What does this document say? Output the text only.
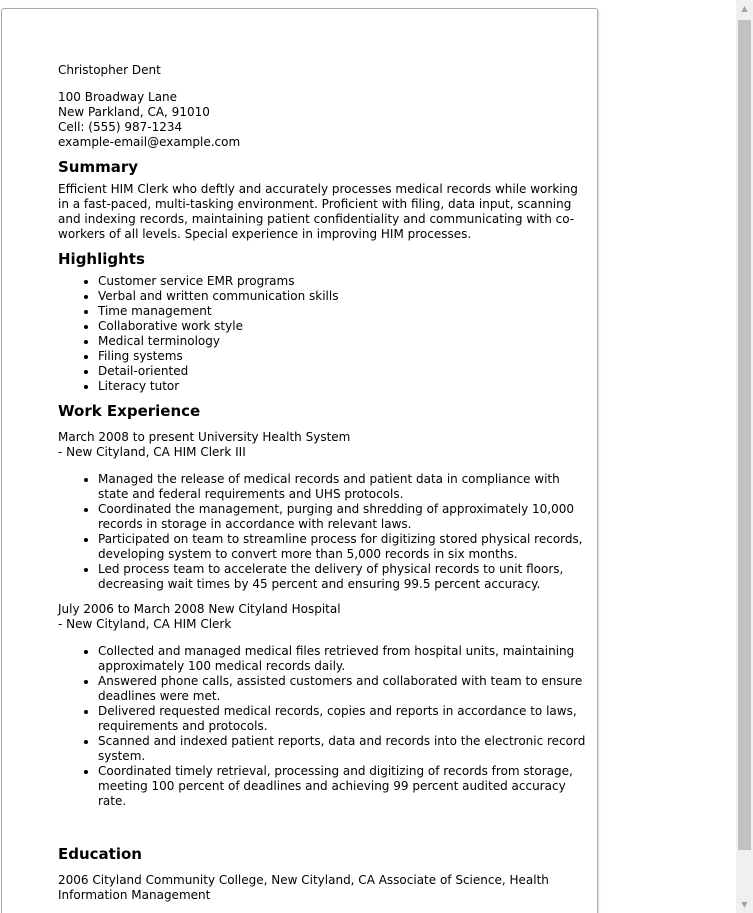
Christopher Dent
100 Broadway Lane
New Parkland, CA, 91010
Cell: (555) 987-1234
example-email@example.com
Summary

Efficient HIM Clerk who deftly and accurately processes medical records while working in a fast-paced, multi-tasking environment. Proficient with filing, data input, scanning and indexing records, maintaining patient confidentiality and communicating with co-workers of all levels. Special experience in improving HIM processes.

Highlights
• Customer service EMR programs
• Verbal and written communication skills
• Time management
• Collaborative work style
• Medical terminology
• Filing systems
• Detail-oriented
• Literacy tutor
Work Experience
March 2008 to present University Health System
- New Cityland, CA HIM Clerk III
• Managed the release of medical records and patient data in compliance with state and federal requirements and UHS protocols.
• Coordinated the management, purging and shredding of approximately 10,000 records in storage in accordance with relevant laws.
• Participated on team to streamline process for digitizing stored physical records, developing system to convert more than 5,000 records in six months.
• Led process team to accelerate the delivery of physical records to unit floors, decreasing wait times by 45 percent and ensuring 99.5 percent accuracy.
July 2006 to March 2008 New Cityland Hospital
- New Cityland, CA HIM Clerk
• Collected and managed medical files retrieved from hospital units, maintaining approximately 100 medical records daily.
• Answered phone calls, assisted customers and collaborated with team to ensure deadlines were met.
• Delivered requested medical records, copies and reports in accordance to laws, requirements and protocols.
• Scanned and indexed patient reports, data and records into the electronic record system.
• Coordinated timely retrieval, processing and digitizing of records from storage, meeting 100 percent of deadlines and achieving 99 percent audited accuracy rate.
Education
2006 Cityland Community College, New Cityland, CA Associate of Science, Health Information Management
▲
▼
